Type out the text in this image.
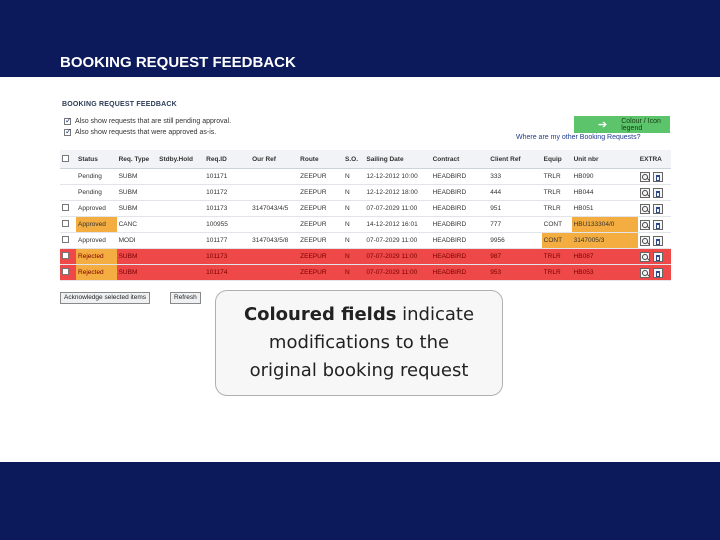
BOOKING REQUEST FEEDBACK
BOOKING REQUEST FEEDBACK
✓
Also show requests that are still pending approval.
✓
Also show requests that were approved as-is.
➔ Colour / Icon legend
Where are my other Booking Requests?
	Status	Req. Type	Stdby.Hold	Req.ID	Our Ref	Route	S.O.	Sailing Date	Contract	Client Ref	Equip	Unit nbr	EXTRA
	Pending	SUBM		101171		ZEEPUR	N	12-12-2012 10:00	HEADBIRD	333	TRLR	HB090	

	Pending	SUBM		101172		ZEEPUR	N	12-12-2012 18:00	HEADBIRD	444	TRLR	HB044	

	Approved	SUBM		101173	3147043/4/5	ZEEPUR	N	07-07-2029 11:00	HEADBIRD	951	TRLR	HB051	

	Approved	CANC		100955		ZEEPUR	N	14-12-2012 16:01	HEADBIRD	777	CONT	HBU133304/0	

	Approved	MODI		101177	3147043/5/8	ZEEPUR	N	07-07-2029 11:00	HEADBIRD	9956	CONT	3147005/3	

	Rejected	SUBM		101173		ZEEPUR	N	07-07-2029 11:00	HEADBIRD	987	TRLR	HB087	

	Rejected	SUBM		101174		ZEEPUR	N	07-07-2029 11:00	HEADBIRD	953	TRLR	HB053	
Acknowledge selected items	Refresh
Coloured fields indicate
modifications to the
original booking request
